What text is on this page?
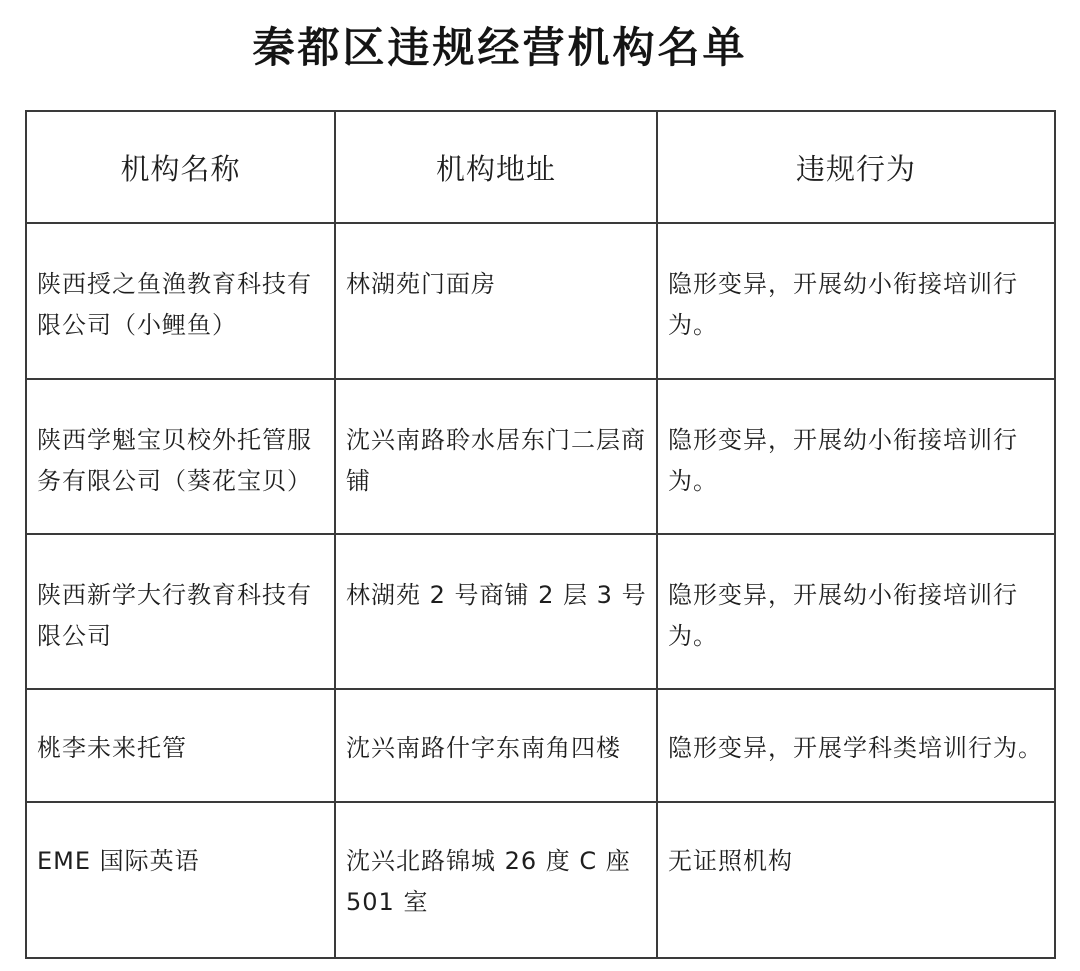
秦都区违规经营机构名单
机构名称	机构地址	违规行为

陕西授之鱼渔教育科技有限公司（小鲤鱼）	林湖苑门面房	隐形变异，开展幼小衔接培训行为。

陕西学魁宝贝校外托管服务有限公司（葵花宝贝）	沈兴南路聆水居东门二层商铺	隐形变异，开展幼小衔接培训行为。

陕西新学大行教育科技有限公司	林湖苑 2 号商铺 2 层 3 号	隐形变异，开展幼小衔接培训行为。

桃李未来托管	沈兴南路什字东南角四楼	隐形变异，开展学科类培训行为。

EME 国际英语	沈兴北路锦城 26 度 C 座 501 室	无证照机构
